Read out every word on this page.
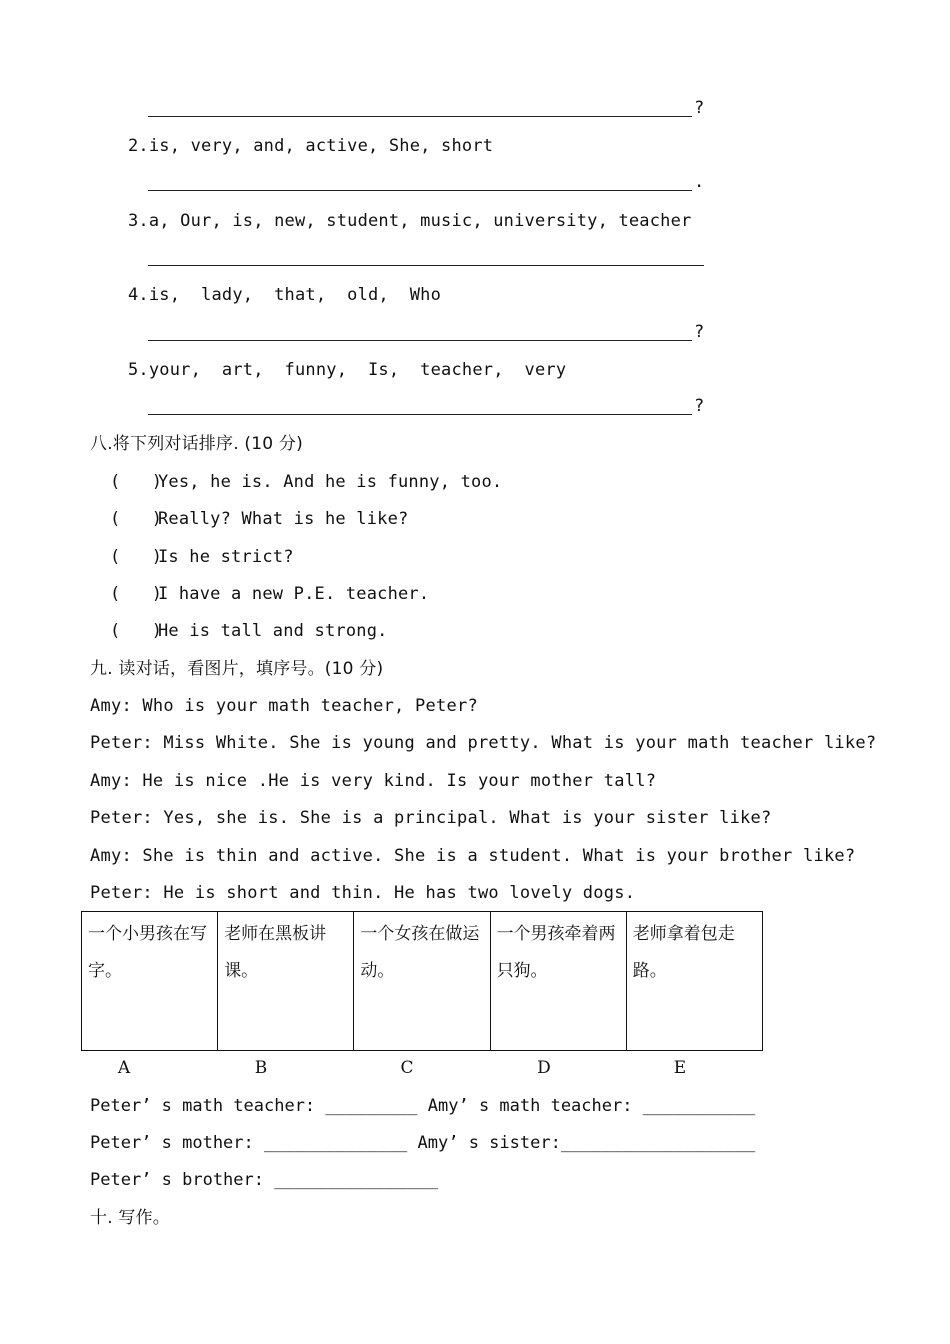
?
2.is, very, and, active, She, short
.
3.a, Our, is, new, student, music, university, teacher
4.is,  lady,  that,  old,  Who
?
5.your,  art,  funny,  Is,  teacher,  very
?
八.将下列对话排序. (10 分)
(   )
Yes, he is. And he is funny, too.
(   )
Really? What is he like?
(   )
Is he strict?
(   )
I have a new P.E. teacher.
(   )
He is tall and strong.
九. 读对话，看图片，填序号。(10 分)
Amy: Who is your math teacher, Peter?
Peter: Miss White. She is young and pretty. What is your math teacher like?
Amy: He is nice .He is very kind. Is your mother tall?
Peter: Yes, she is. She is a principal. What is your sister like?
Amy: She is thin and active. She is a student. What is your brother like?
Peter: He is short and thin. He has two lovely dogs.
一个小男孩在写字。	老师在黑板讲课。	一个女孩在做运动。	一个男孩牵着两只狗。	老师拿着包走路。
A	B	C	D	E
Peter’ s math teacher: _________ Amy’ s math teacher: ___________
Peter’ s mother: ______________ Amy’ s sister:___________________
Peter’ s brother: ________________
十. 写作。
